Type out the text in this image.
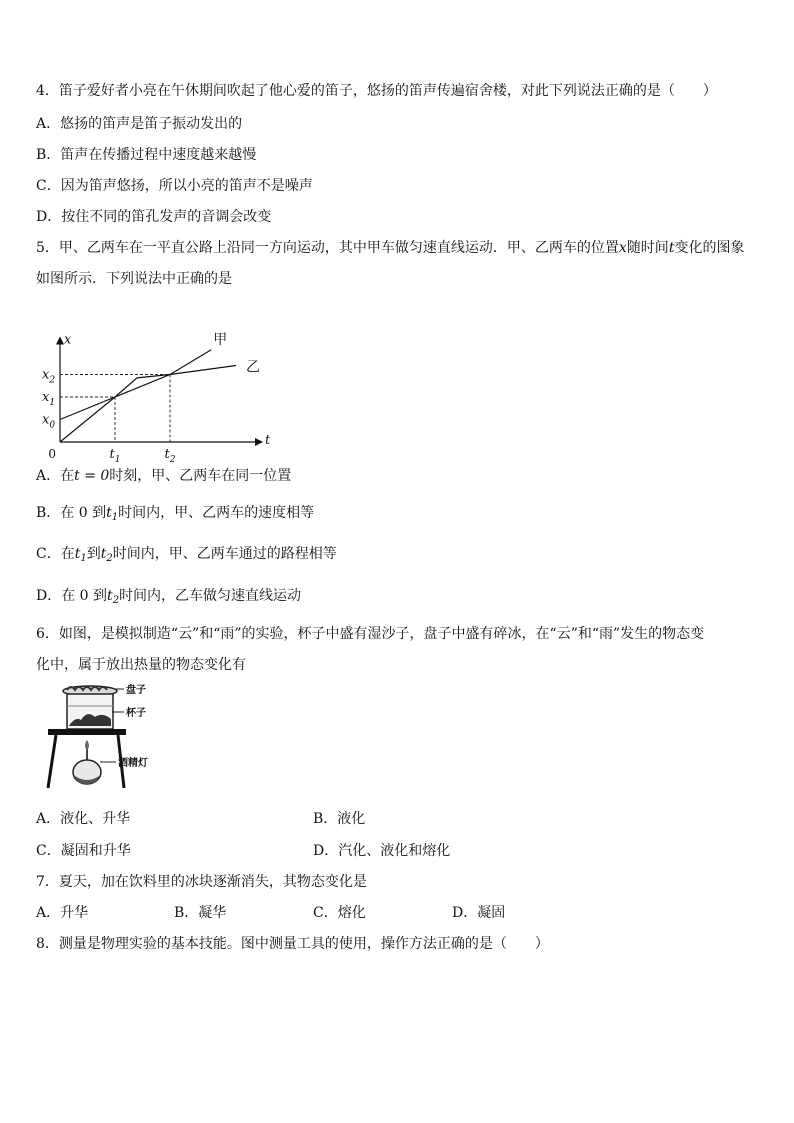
4．笛子爱好者小亮在午休期间吹起了他心爱的笛子，悠扬的笛声传遍宿舍楼，对此下列说法正确的是（　　）
A．悠扬的笛声是笛子振动发出的
B．笛声在传播过程中速度越来越慢
C．因为笛声悠扬，所以小亮的笛声不是噪声
D．按住不同的笛孔发声的音调会改变
5．甲、乙两车在一平直公路上沿同一方向运动，其中甲车做匀速直线运动．甲、乙两车的位置x随时间t变化的图象
如图所示．下列说法中正确的是
x
t
0	$t_1$	$t_2$
$x_0$
$x_1$
$x_2$
甲
乙
A．在t = 0时刻，甲、乙两车在同一位置
B．在 0 到$t_1$时间内，甲、乙两车的速度相等
C．在$t_1$到$t_2$时间内，甲、乙两车通过的路程相等
D．在 0 到$t_2$时间内，乙车做匀速直线运动
6．如图，是模拟制造“云”和“雨”的实验，杯子中盛有湿沙子，盘子中盛有碎冰，在“云”和“雨”发生的物态变
化中，属于放出热量的物态变化有
盘子
杯子
酒精灯
A．液化、升华	B．液化
C．凝固和升华	D．汽化、液化和熔化
7．夏天，加在饮料里的冰块逐渐消失，其物态变化是
A．升华	B．凝华	C．熔化	D．凝固
8．测量是物理实验的基本技能。图中测量工具的使用，操作方法正确的是（　　）
